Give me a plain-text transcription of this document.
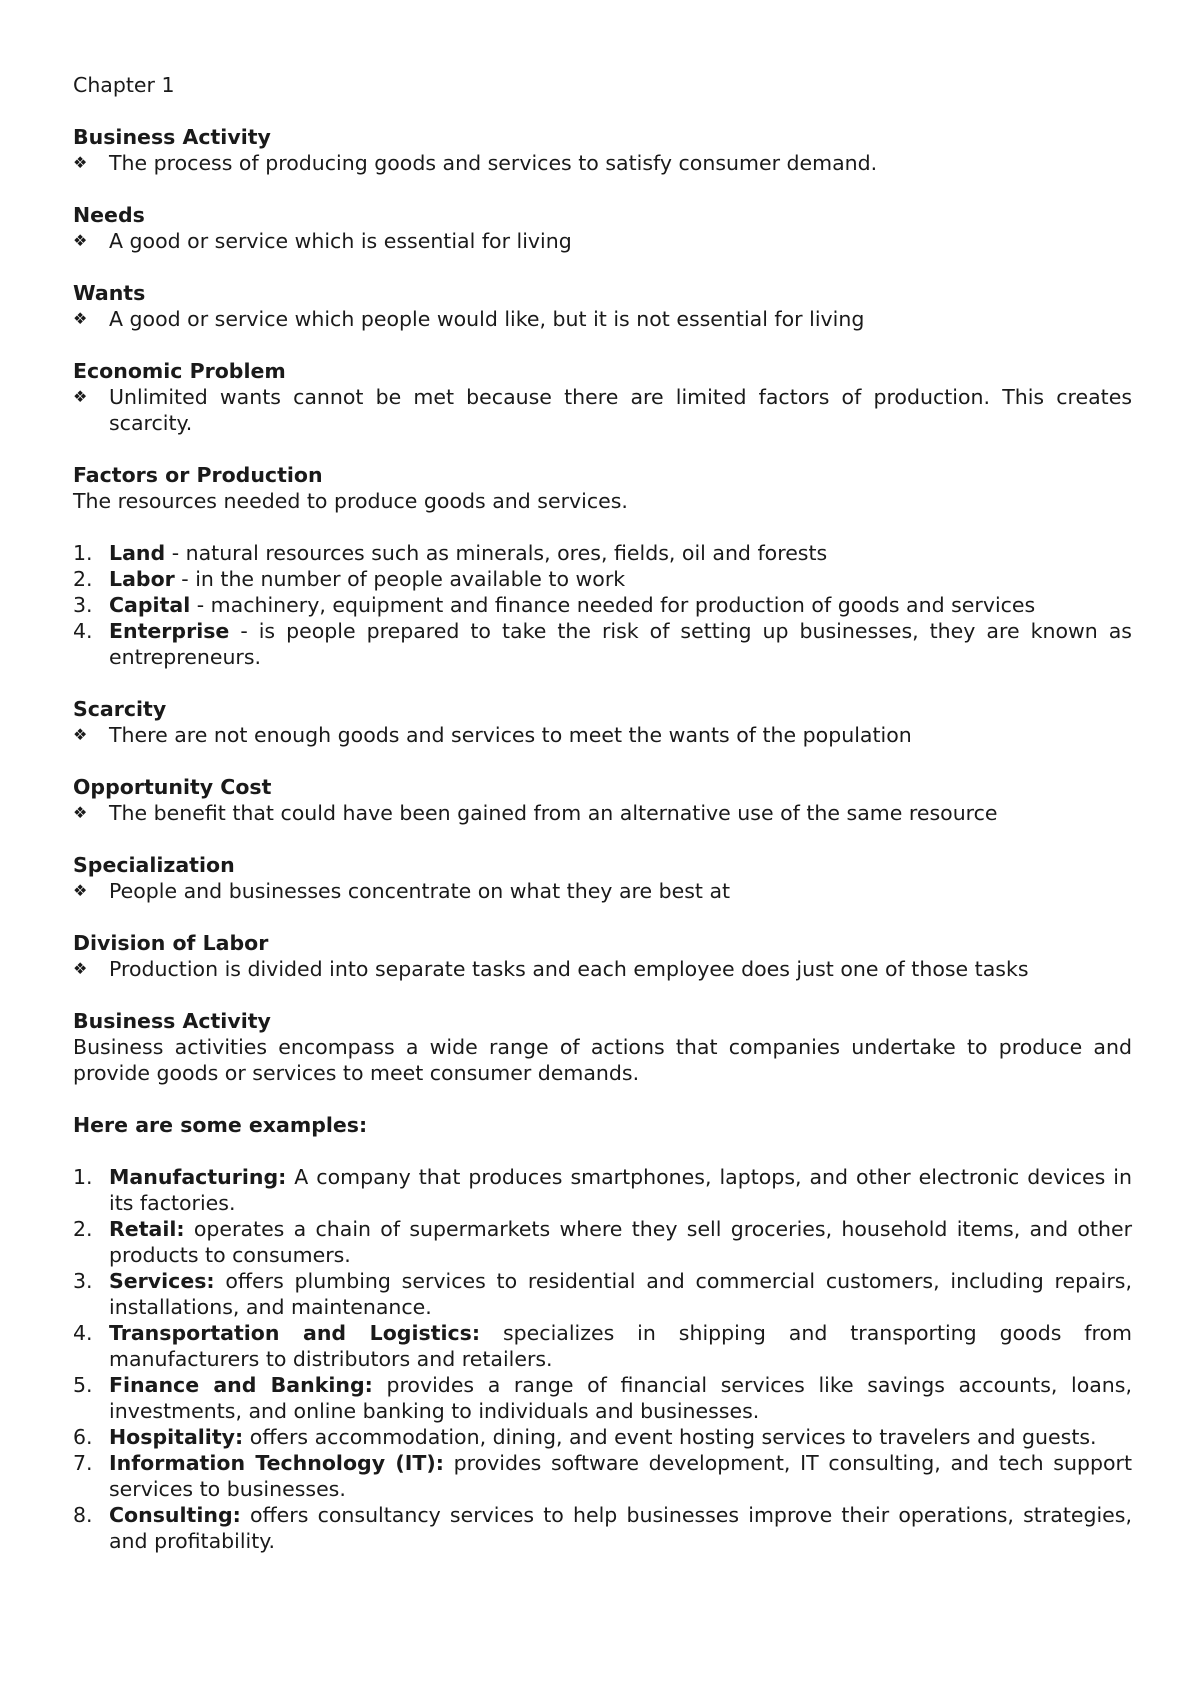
Chapter 1

Business Activity

❖	The process of producing goods and services to satisfy consumer demand.

Needs

❖	A good or service which is essential for living

Wants

❖	A good or service which people would like, but it is not essential for living

Economic Problem

❖	Unlimited wants cannot be met because there are limited factors of production. This creates scarcity.

Factors or Production

The resources needed to produce goods and services.

1. Land - natural resources such as minerals, ores, fields, oil and forests
2. Labor - in the number of people available to work
3. Capital - machinery, equipment and finance needed for production of goods and services
4. Enterprise - is people prepared to take the risk of setting up businesses, they are known as entrepreneurs.

Scarcity

❖	There are not enough goods and services to meet the wants of the population

Opportunity Cost

❖	The benefit that could have been gained from an alternative use of the same resource

Specialization

❖	People and businesses concentrate on what they are best at

Division of Labor

❖	Production is divided into separate tasks and each employee does just one of those tasks

Business Activity

Business activities encompass a wide range of actions that companies undertake to produce and provide goods or services to meet consumer demands.

Here are some examples:

1. Manufacturing: A company that produces smartphones, laptops, and other electronic devices in its factories.
2. Retail: operates a chain of supermarkets where they sell groceries, household items, and other products to consumers.
3. Services: offers plumbing services to residential and commercial customers, including repairs, installations, and maintenance.
4. Transportation and Logistics: specializes in shipping and transporting goods from manufacturers to distributors and retailers.
5. Finance and Banking: provides a range of financial services like savings accounts, loans, investments, and online banking to individuals and businesses.
6. Hospitality: offers accommodation, dining, and event hosting services to travelers and guests.
7. Information Technology (IT): provides software development, IT consulting, and tech support services to businesses.
8. Consulting: offers consultancy services to help businesses improve their operations, strategies, and profitability.
